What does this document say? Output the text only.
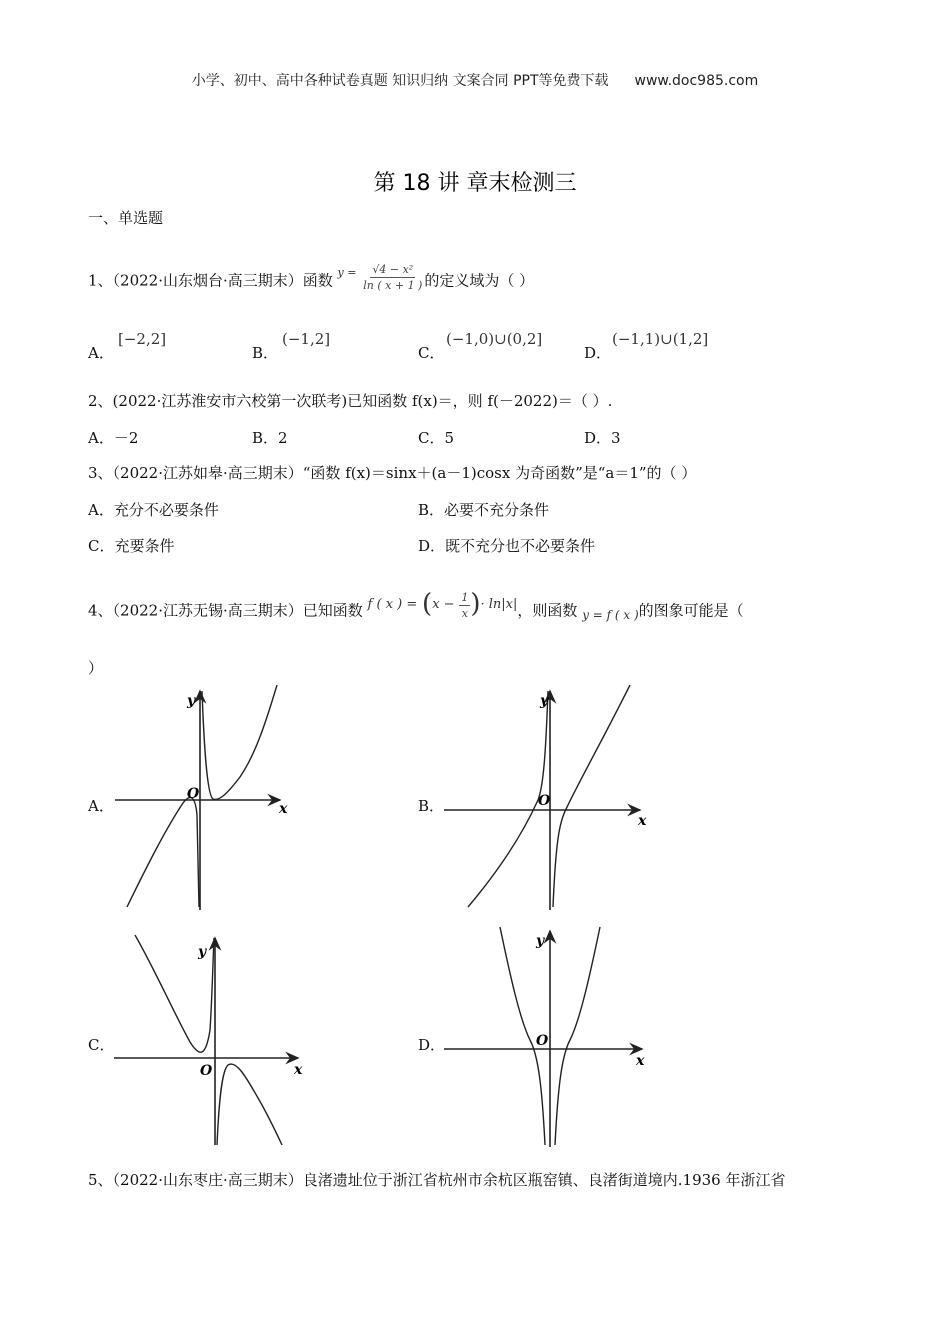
小学、初中、高中各种试卷真题 知识归纳 文案合同 PPT等免费下载 www.doc985.com
第 18 讲 章末检测三
一、单选题
1、（2022·山东烟台·高三期末）函数 $^{y =} \frac{\text{√4 − x²}}{\ln ( x + 1 )}$ 的定义域为（ ）
A．
[−2,2]
B．
(−1,2]
C．
(−1,0)∪(0,2]
D．
(−1,1)∪(1,2]
2、(2022·江苏淮安市六校第一次联考)已知函数 f(x)＝，则 f(－2022)＝（ ）.
A．－2	B．2	C．5	D．3
3、（2022·江苏如皋·高三期末）“函数 f(x)＝sinx＋(a－1)cosx 为奇函数”是“a＝1”的（ ）
A．充分不必要条件	B．必要不充分条件
C．充要条件	D．既不充分也不必要条件
4、（2022·江苏无锡·高三期末）已知函数 f ( x ) = ($x - \frac{1}{x}$ )· ln|x|，则函数 $_{y = f ( x )}$的图象可能是（
）
A．	B．
C．	D．
y
x
O
y
x
O
y
x
O
y
x
O
5、（2022·山东枣庄·高三期末）良渚遗址位于浙江省杭州市余杭区瓶窑镇、良渚街道境内.1936 年浙江省
